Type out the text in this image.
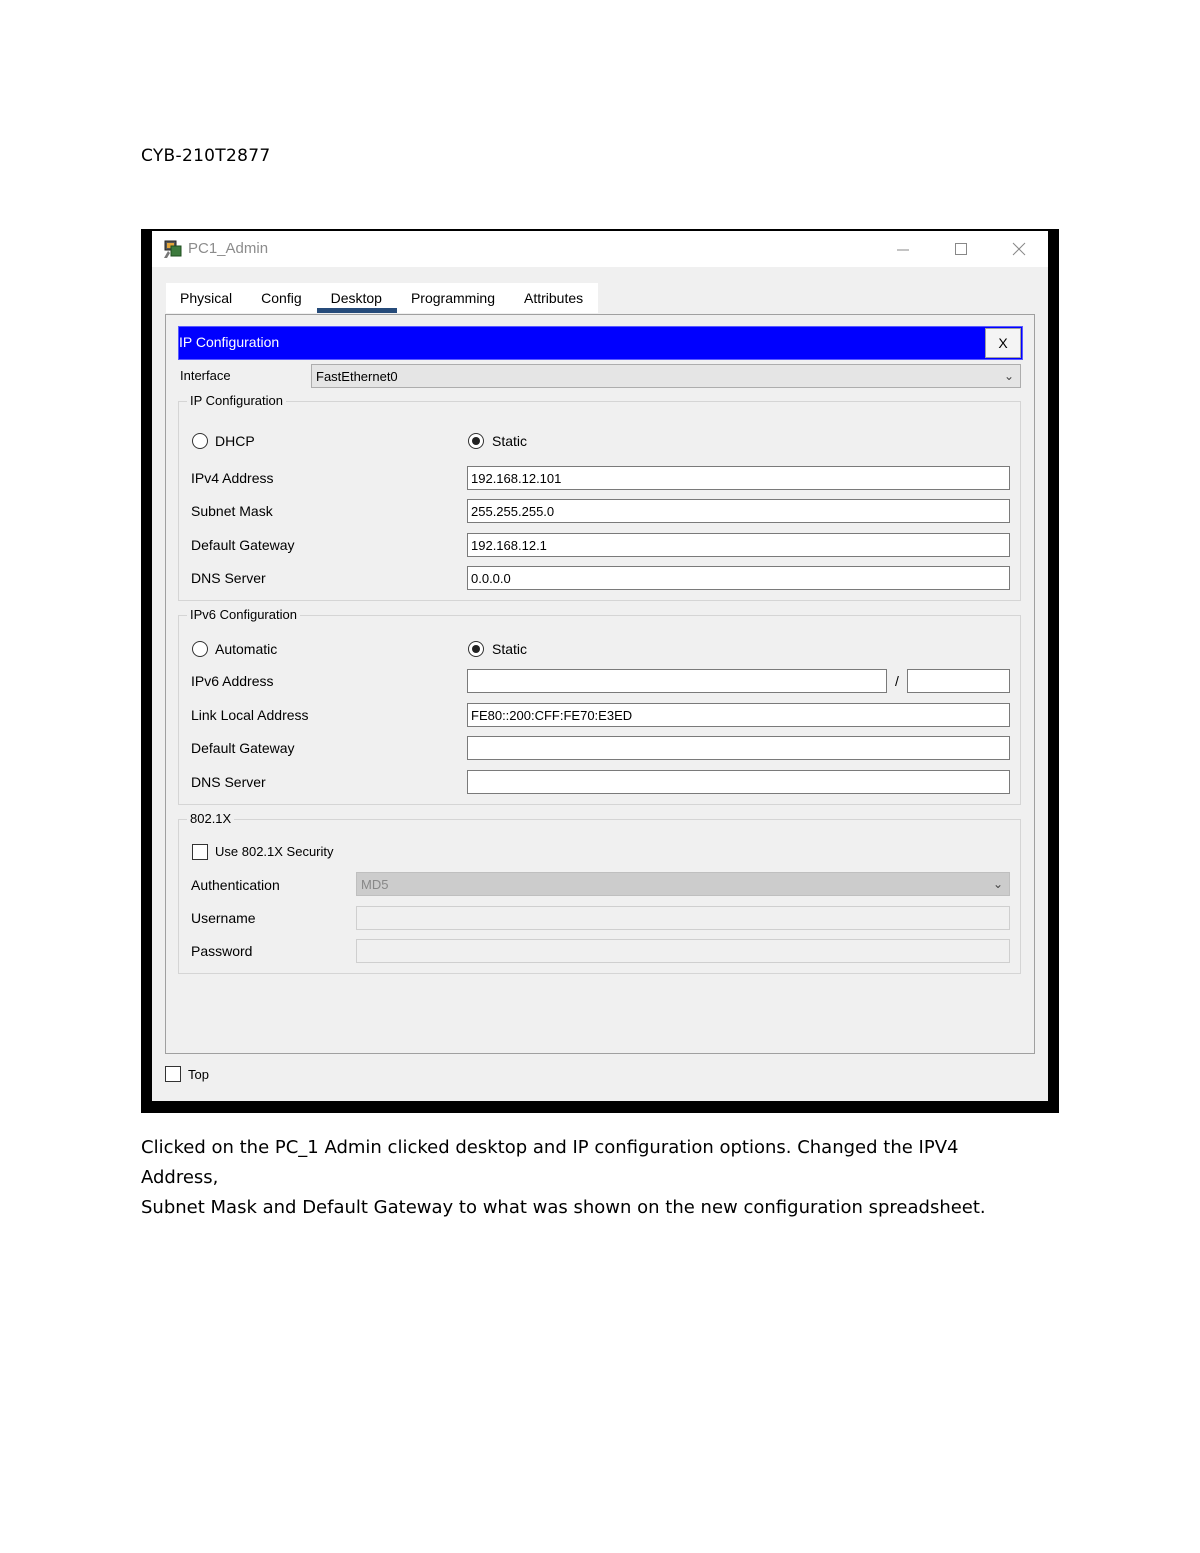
CYB-210T2877
PC1_Admin
Physical	Config	Desktop	Programming	Attributes
IP Configuration	X
Interface	FastEthernet0	⌄
IP Configuration
DHCP	Static
IPv4 Address	192.168.12.101
Subnet Mask	255.255.255.0
Default Gateway	192.168.12.1
DNS Server	0.0.0.0
IPv6 Configuration
Automatic	Static
IPv6 Address	/
Link Local Address	FE80::200:CFF:FE70:E3ED
Default Gateway
DNS Server
802.1X
Use 802.1X Security
Authentication	MD5	⌄
Username
Password
Top
Clicked on the PC_1 Admin clicked desktop and IP configuration options. Changed the IPV4 Address,
Subnet Mask and Default Gateway to what was shown on the new configuration spreadsheet.
